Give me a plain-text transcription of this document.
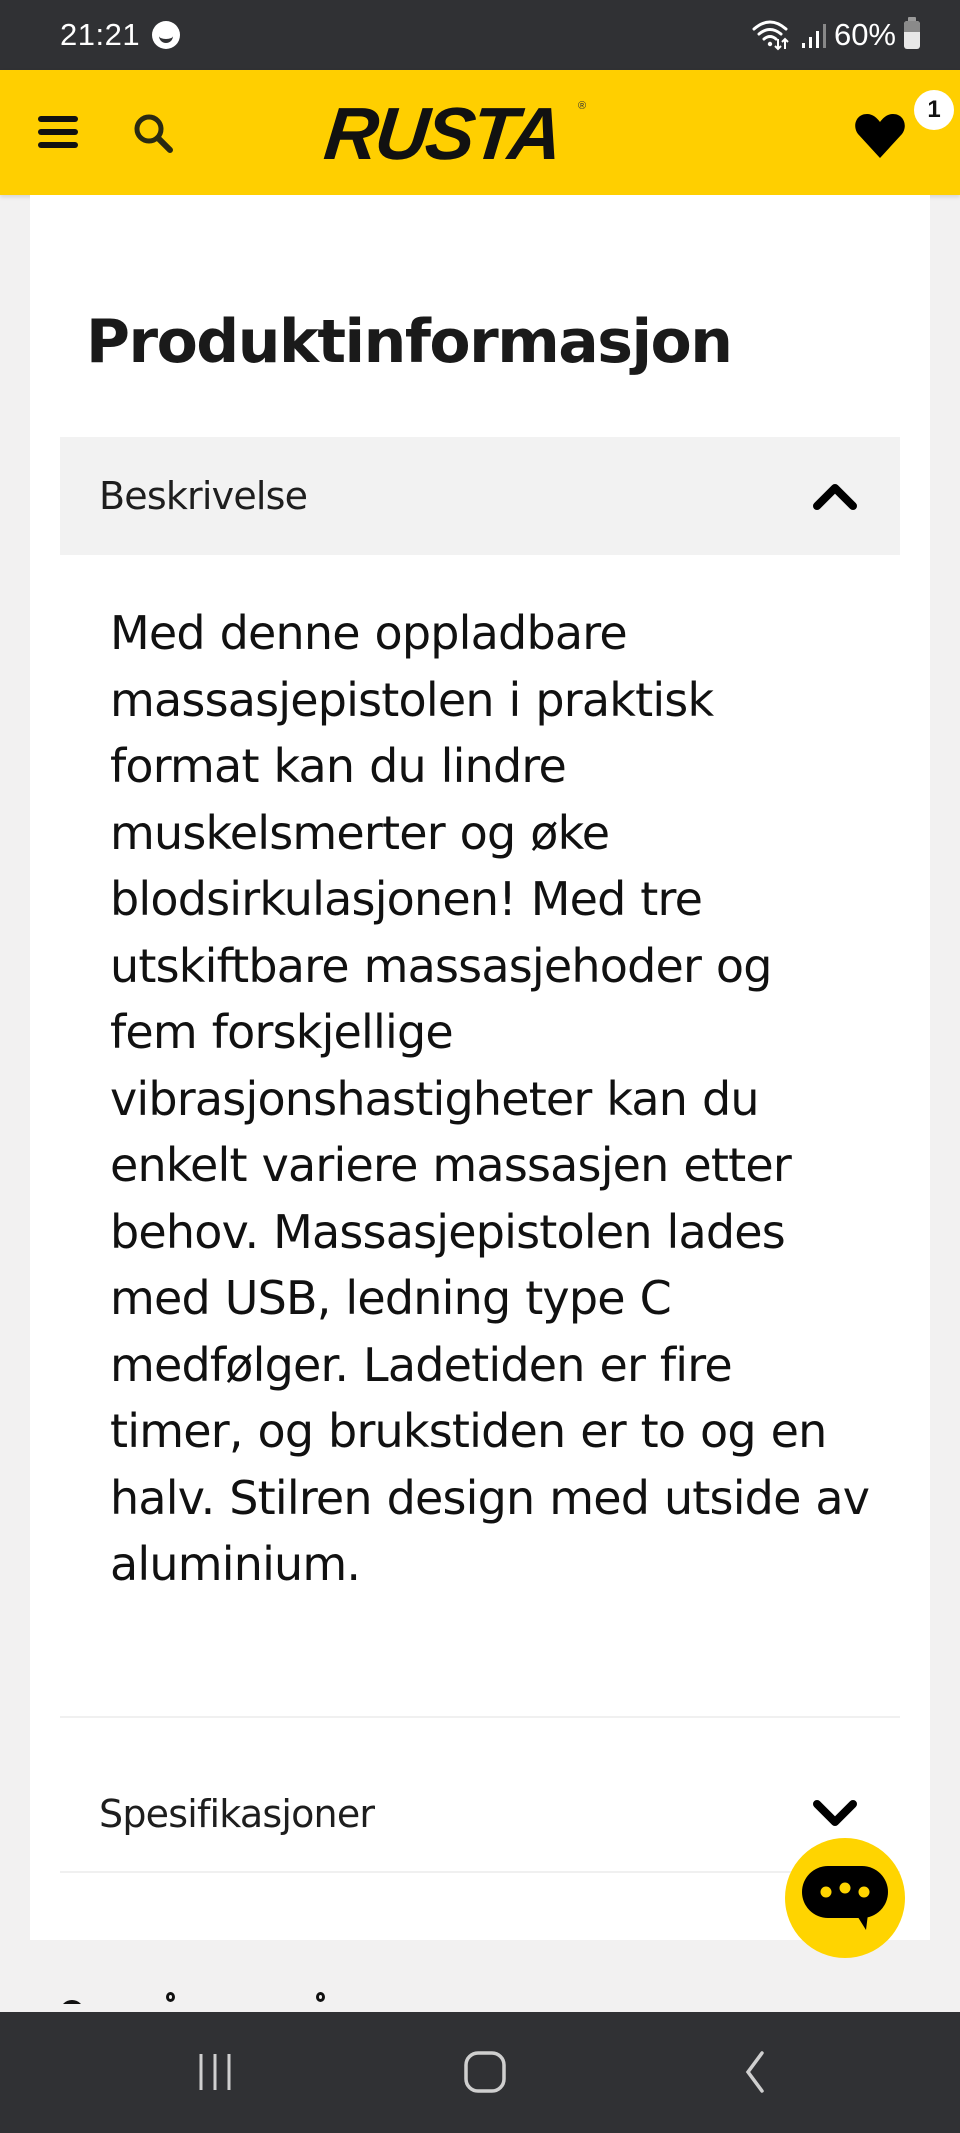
21:21	60%
RUSTA ®	1
Produktinformasjon
Beskrivelse

Med denne oppladbare massasjepistolen i praktisk format kan du lindre muskelsmerter og øke blodsirkulasjonen! Med tre utskiftbare massasjehoder og fem forskjellige vibrasjonshastigheter kan du enkelt variere massasjen etter behov. Massasjepistolen lades med USB, ledning type C medfølger. Ladetiden er fire timer, og brukstiden er to og en halv. Stilren design med utside av aluminium.

Spesifikasjoner
